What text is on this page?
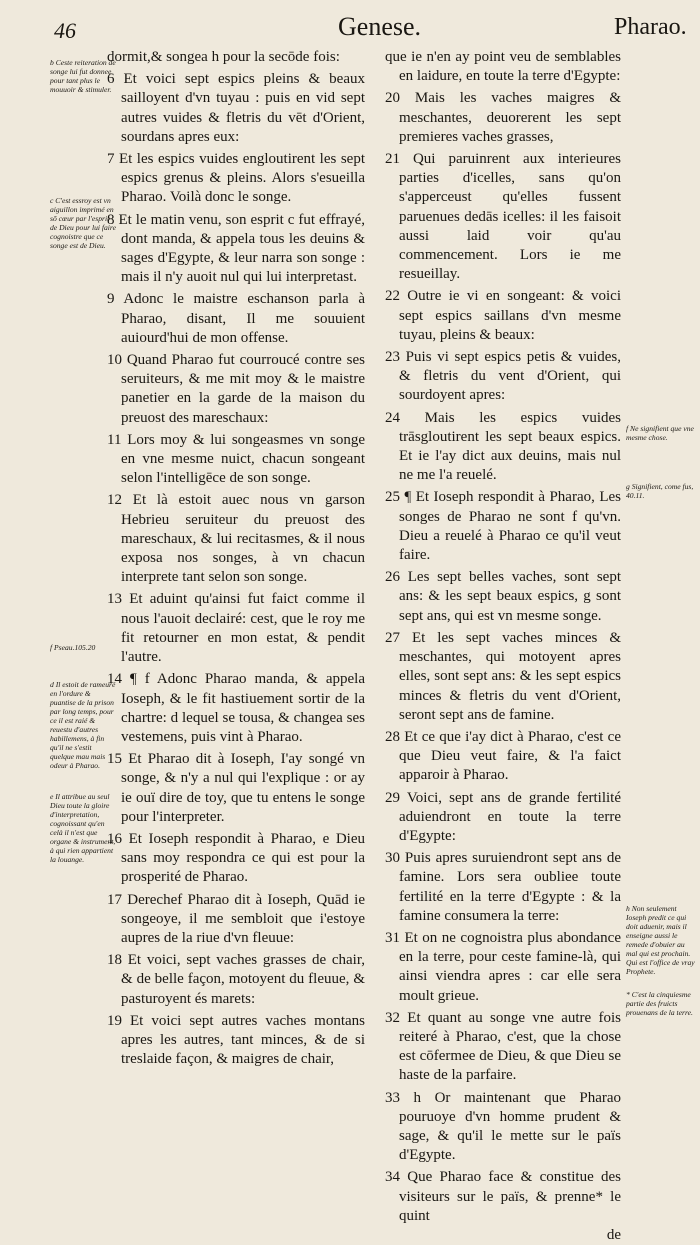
46	Genese.	Pharao.

dormit,& songea h pour la secōde fois:

6 Et voici sept espics pleins & beaux sailloyent d'vn tuyau : puis en vid sept autres vuides & fletris du vēt d'Orient, sourdans apres eux:

7 Et les espics vuides engloutirent les sept espics grenus & pleins. Alors s'esueilla Pharao. Voilà donc le songe.

8 Et le matin venu, son esprit c fut effrayé, dont manda, & appela tous les deuins & sages d'Egypte, & leur narra son songe : mais il n'y auoit nul qui lui interpretast.

9 Adonc le maistre eschanson parla à Pharao, disant, Il me souuient auiourd'hui de mon offense.

10 Quand Pharao fut courroucé contre ses seruiteurs, & me mit moy & le maistre panetier en la garde de la maison du preuost des mareschaux:

11 Lors moy & lui songeasmes vn songe en vne mesme nuict, chacun songeant selon l'intelligēce de son songe.

12 Et là estoit auec nous vn garson Hebrieu seruiteur du preuost des mareschaux, & lui recitasmes, & il nous exposa nos songes, à vn chacun interprete tant selon son songe.

13 Et aduint qu'ainsi fut faict comme il nous l'auoit declairé: cest, que le roy me fit retourner en mon estat, & pendit l'autre.

14 ¶ f Adonc Pharao manda, & appela Ioseph, & le fit hastiuement sortir de la chartre: d lequel se tousa, & changea ses vestemens, puis vint à Pharao.

15 Et Pharao dit à Ioseph, I'ay songé vn songe, & n'y a nul qui l'explique : or ay ie ouï dire de toy, que tu entens le songe pour l'interpreter.

16 Et Ioseph respondit à Pharao, e Dieu sans moy respondra ce qui est pour la prosperité de Pharao.

17 Derechef Pharao dit à Ioseph, Quād ie songeoye, il me sembloit que i'estoye aupres de la riue d'vn fleuue:

18 Et voici, sept vaches grasses de chair, & de belle façon, motoyent du fleuue, & pasturoyent és marets:

19 Et voici sept autres vaches montans apres les autres, tant minces, & de si treslaide façon, & maigres de chair,

que ie n'en ay point veu de semblables en laidure, en toute la terre d'Egypte:

20 Mais les vaches maigres & meschantes, deuorerent les sept premieres vaches grasses,

21 Qui paruinrent aux interieures parties d'icelles, sans qu'on s'apperceust qu'elles fussent paruenues dedās icelles: il les faisoit aussi laid voir qu'au commencement. Lors ie me resueillay.

22 Outre ie vi en songeant: & voici sept espics saillans d'vn mesme tuyau, pleins & beaux:

23 Puis vi sept espics petis & vuides, & fletris du vent d'Orient, qui sourdoyent apres:

24 Mais les espics vuides trāsgloutirent les sept beaux espics. Et ie l'ay dict aux deuins, mais nul ne me l'a reuelé.

25 ¶ Et Ioseph respondit à Pharao, Les songes de Pharao ne sont f qu'vn. Dieu a reuelé à Pharao ce qu'il veut faire.

26 Les sept belles vaches, sont sept ans: & les sept beaux espics, g sont sept ans, qui est vn mesme songe.

27 Et les sept vaches minces & meschantes, qui motoyent apres elles, sont sept ans: & les sept espics minces & fletris du vent d'Orient, seront sept ans de famine.

28 Et ce que i'ay dict à Pharao, c'est ce que Dieu veut faire, & l'a faict apparoir à Pharao.

29 Voici, sept ans de grande fertilité aduiendront en toute la terre d'Egypte:

30 Puis apres suruiendront sept ans de famine. Lors sera oubliee toute fertilité en la terre d'Egypte : & la famine consumera la terre:

31 Et on ne cognoistra plus abondance en la terre, pour ceste famine-là, qui ainsi viendra apres : car elle sera moult grieue.

32 Et quant au songe vne autre fois reiteré à Pharao, c'est, que la chose est cōfermee de Dieu, & que Dieu se haste de la parfaire.

33 h Or maintenant que Pharao pouruoye d'vn homme prudent & sage, & qu'il le mette sur le païs d'Egypte.

34 Que Pharao face & constitue des visiteurs sur le païs, & prenne* le quint

de

b Ceste reiteration de songe lui fut donnee pour tant plus le mouuoir & stimuler.
c C'est essroy est vn aiguillon imprimé en sō cœur par l'esprit de Dieu pour lui faire cognoistre que ce songe est de Dieu.
f Pseau.105.20
d Il estoit de rameuré en l'ordure & puantise de la prison par long temps, pour ce il est raié & reuestu d'autres habillemens, à fin qu'il ne s'estit quelque mau mais odeur à Pharao.
e Il attribue au seul Dieu toute la gloire d'interpretation, cognoissant qu'en celà il n'est que organe & instrument, à qui rien appartient la louange.
f Ne signifient que vne mesme chose.
g Signifient, come fus, 40.11.
h Non seulement Ioseph predit ce qui doit aduenir, mais il enseigne aussi le remede d'obuier au mal qui est prochain. Qui est l'office de vray Prophete.
* C'est la cinquiesme partie des fruicts prouenans de la terre.
